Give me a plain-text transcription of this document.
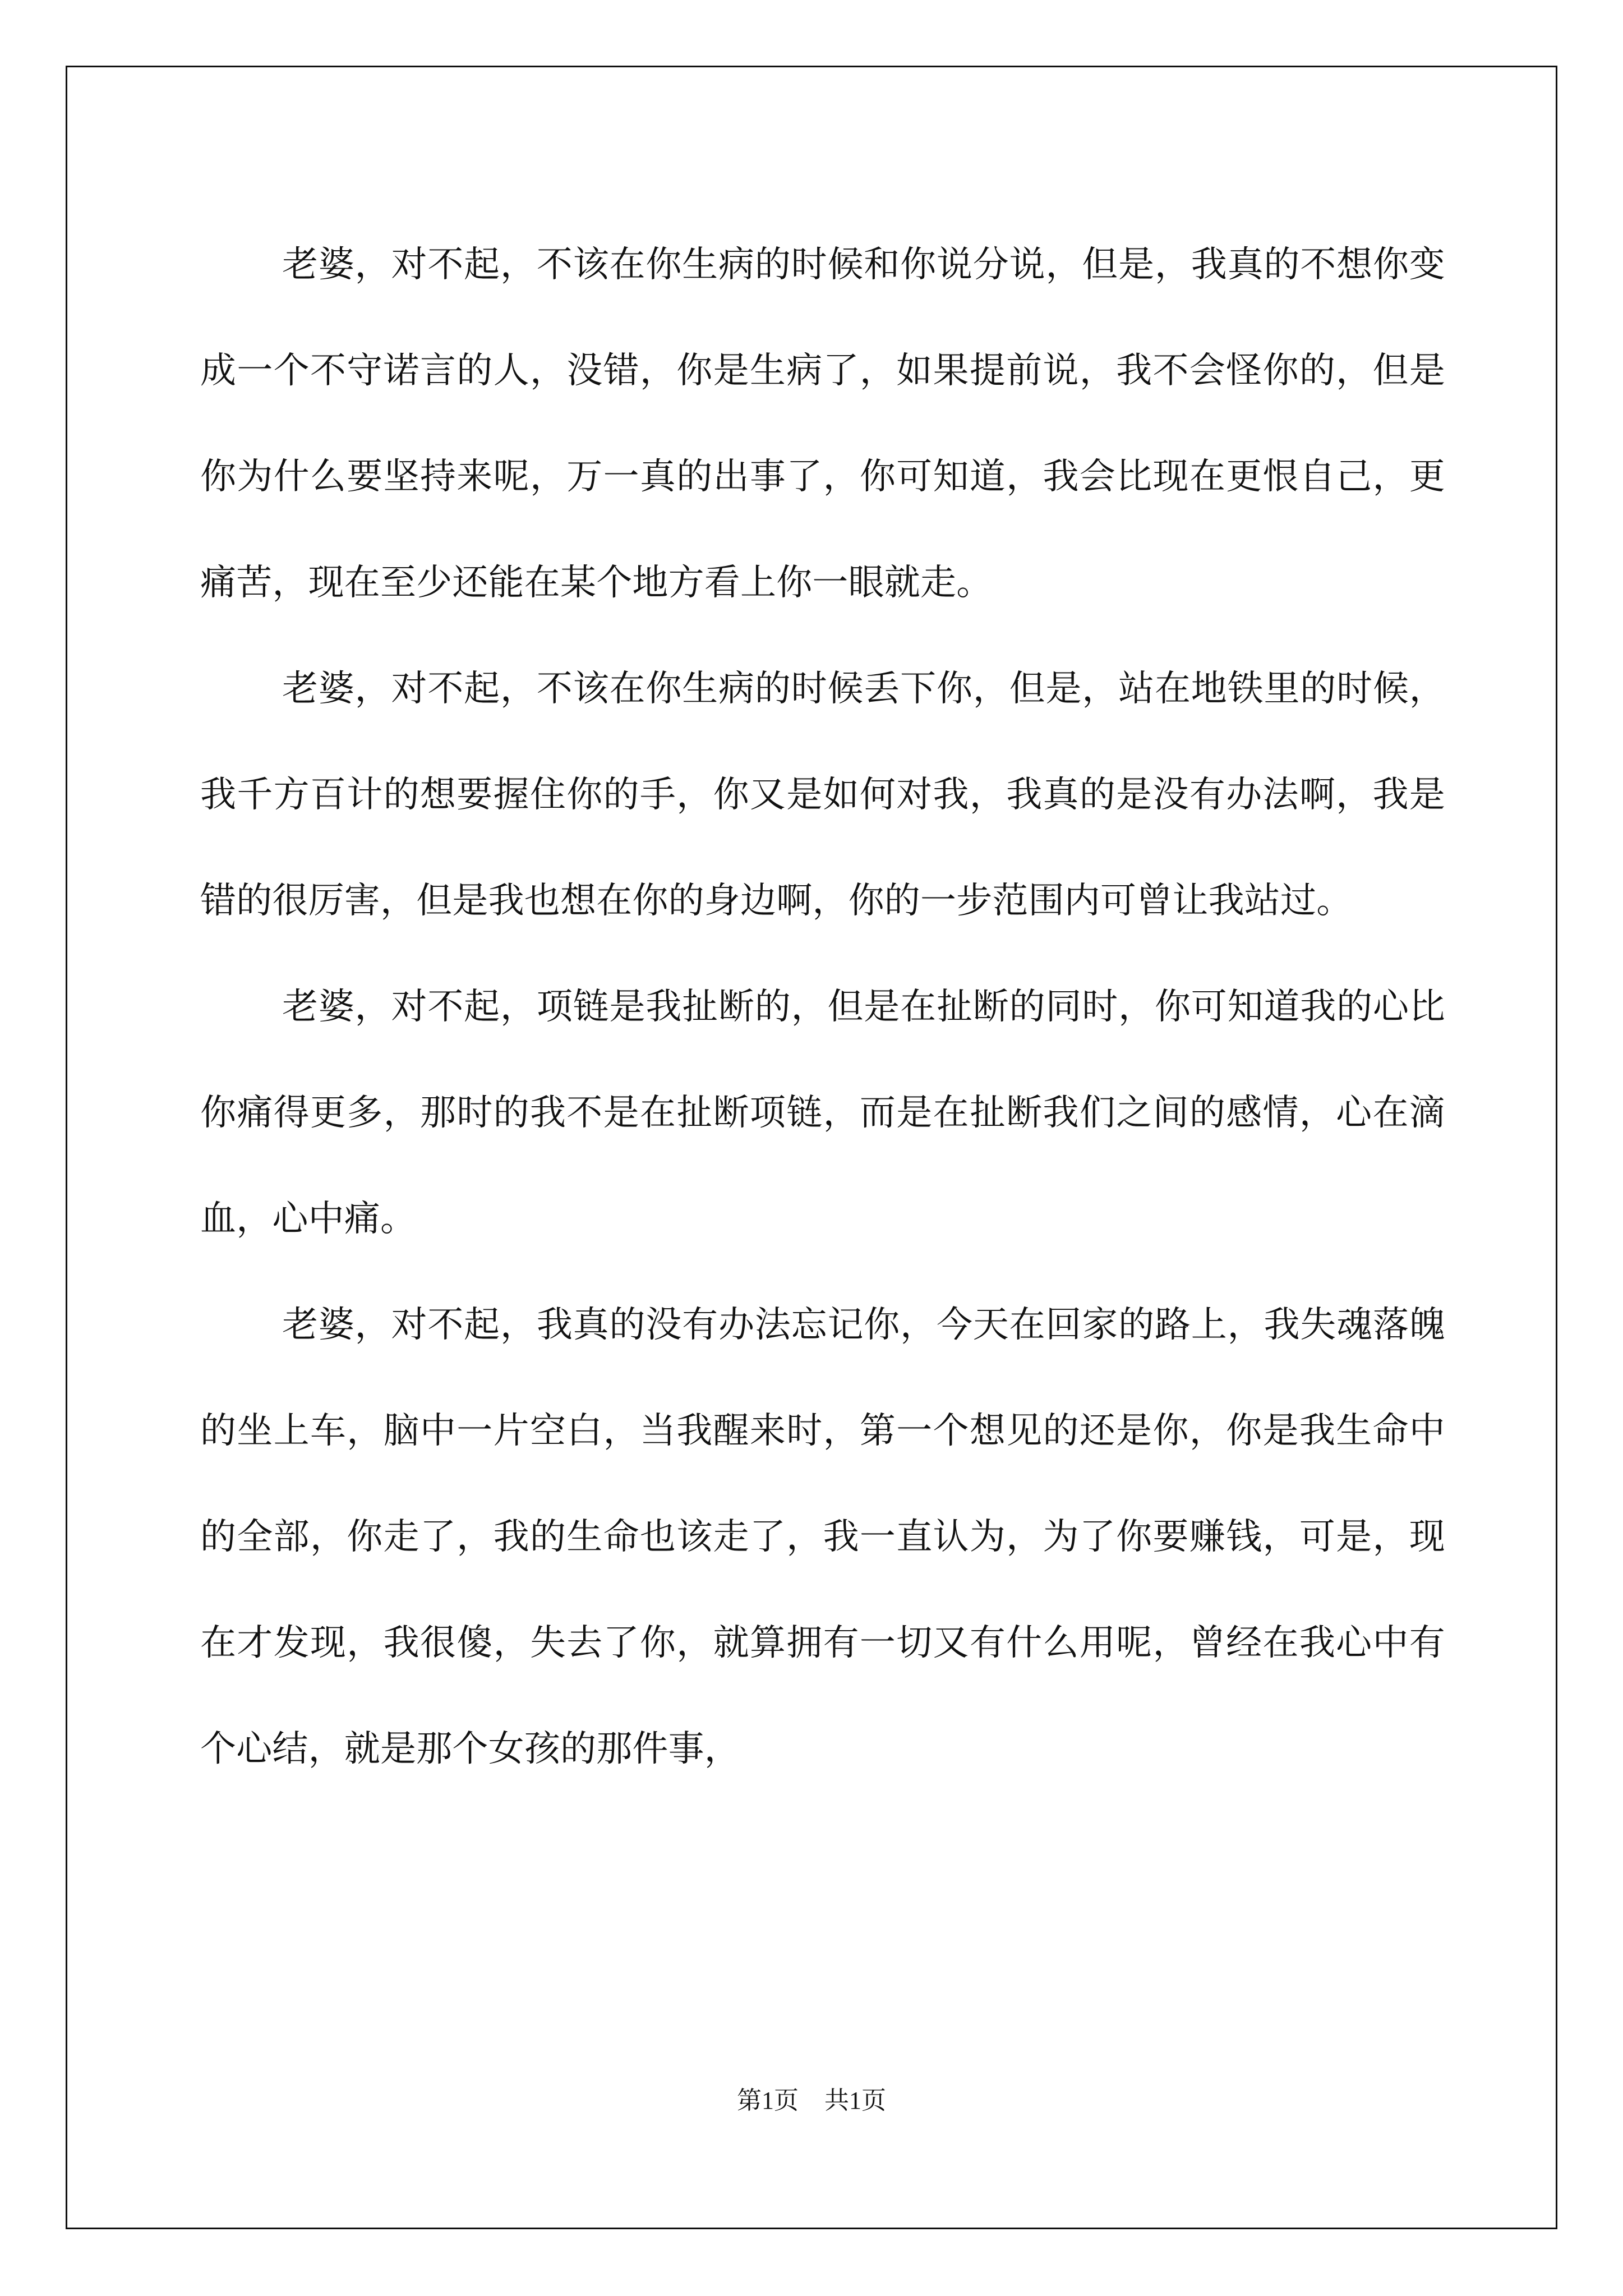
老婆，对不起，不该在你生病的时候和你说分说，但是，我真的不想你变成一个不守诺言的人，没错，你是生病了，如果提前说，我不会怪你的，但是你为什么要坚持来呢，万一真的出事了，你可知道，我会比现在更恨自己，更痛苦，现在至少还能在某个地方看上你一眼就走。

老婆，对不起，不该在你生病的时候丢下你，但是，站在地铁里的时候，我千方百计的想要握住你的手，你又是如何对我，我真的是没有办法啊，我是错的很厉害，但是我也想在你的身边啊，你的一步范围内可曾让我站过。

老婆，对不起，项链是我扯断的，但是在扯断的同时，你可知道我的心比你痛得更多，那时的我不是在扯断项链，而是在扯断我们之间的感情，心在滴血，心中痛。

老婆，对不起，我真的没有办法忘记你，今天在回家的路上，我失魂落魄的坐上车，脑中一片空白，当我醒来时，第一个想见的还是你，你是我生命中的全部，你走了，我的生命也该走了，我一直认为，为了你要赚钱，可是，现在才发现，我很傻，失去了你，就算拥有一切又有什么用呢，曾经在我心中有个心结，就是那个女孩的那件事，

第1页 共1页
